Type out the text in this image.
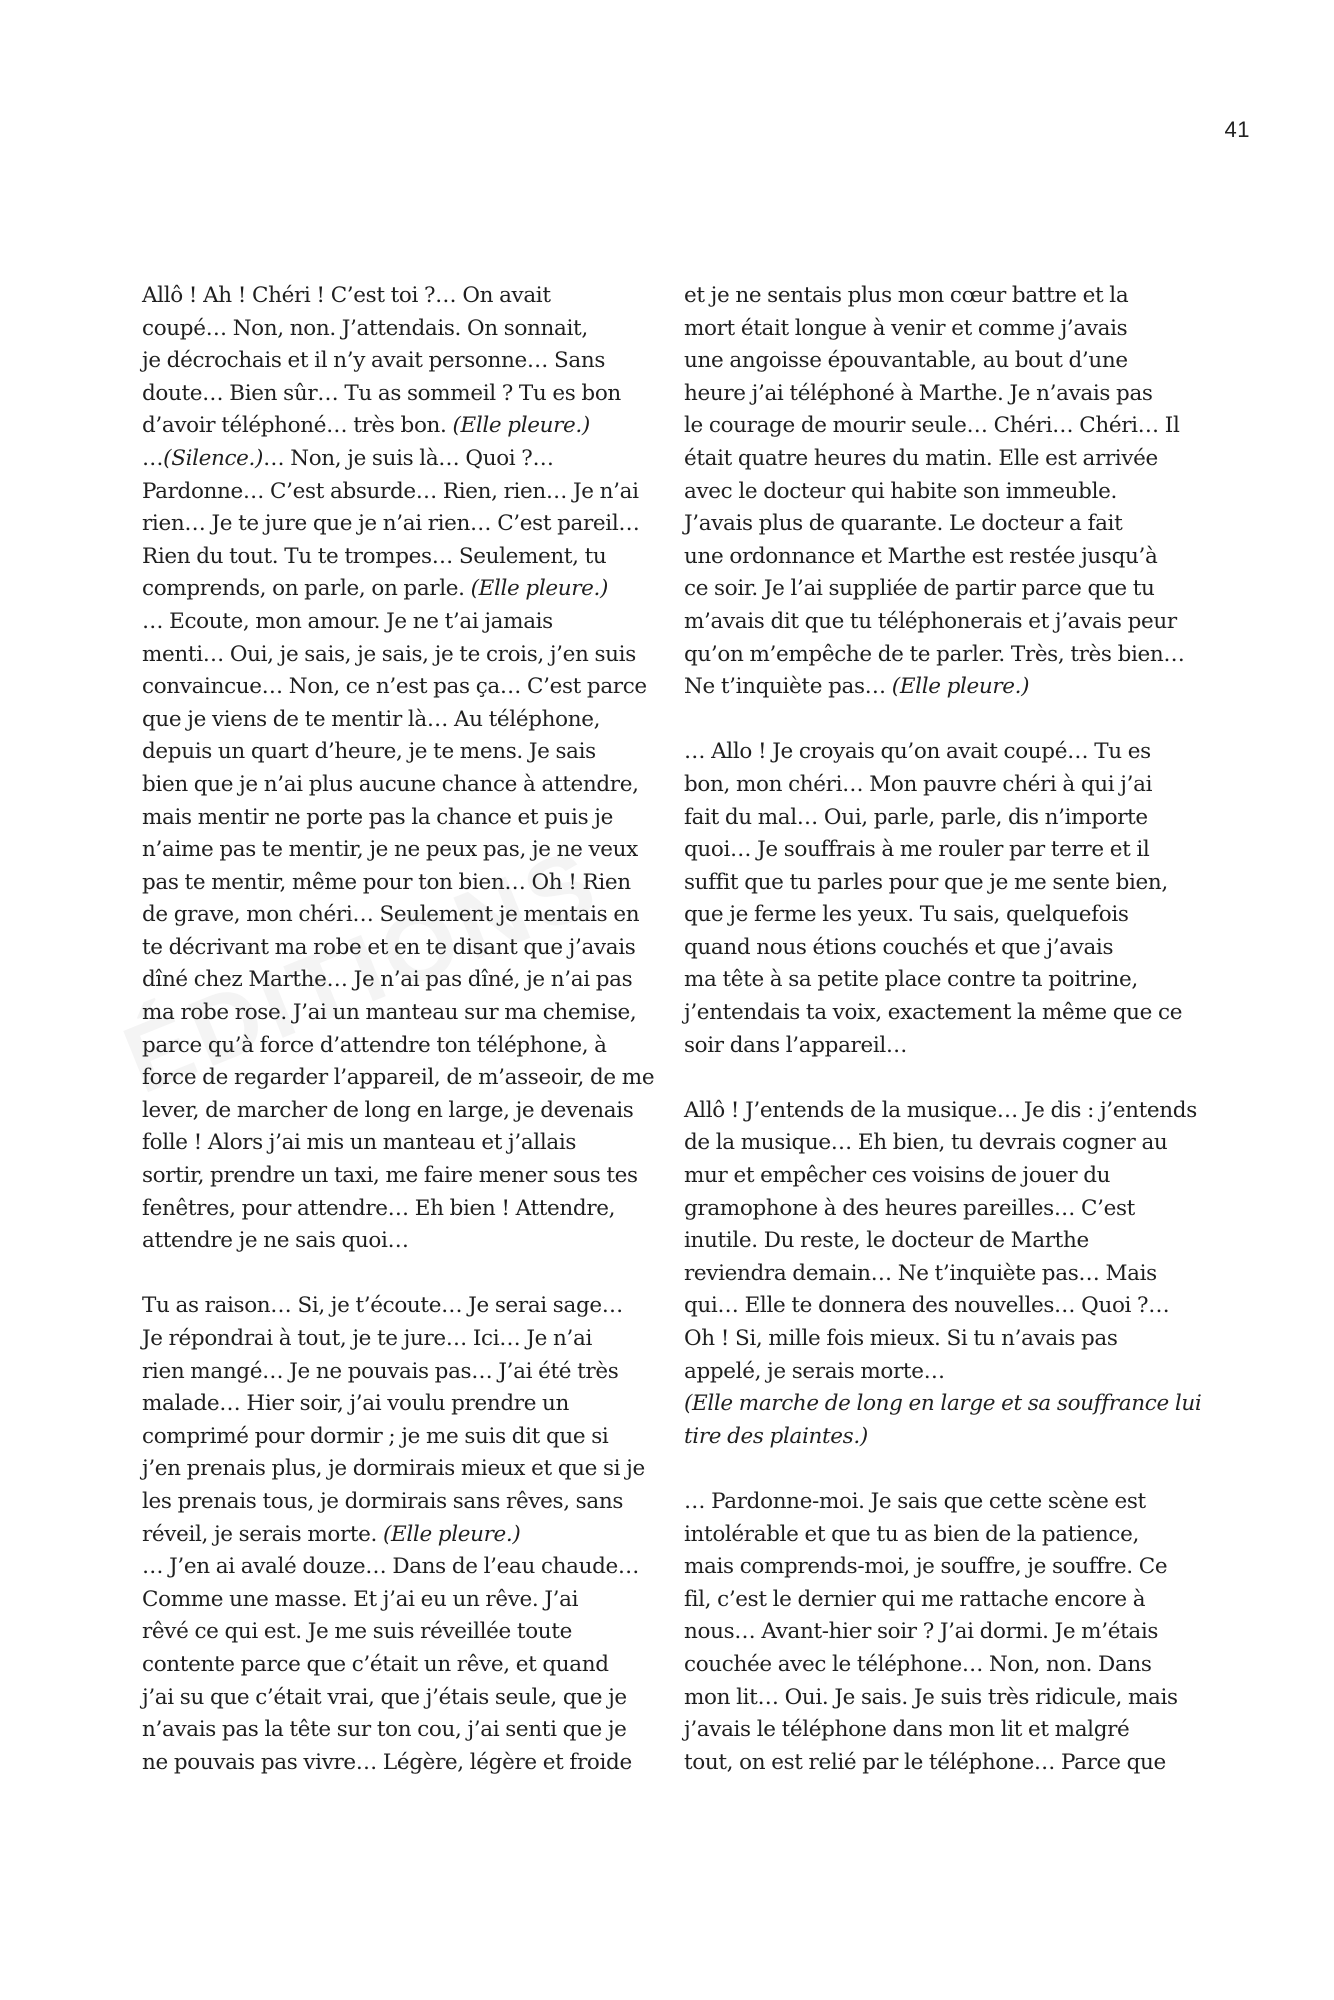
41
Allô ! Ah ! Chéri ! C’est toi ?… On avait
coupé… Non, non. J’attendais. On sonnait,
je décrochais et il n’y avait personne… Sans
doute… Bien sûr… Tu as sommeil ? Tu es bon
d’avoir téléphoné… très bon. (Elle pleure.)
…(Silence.)… Non, je suis là… Quoi ?…
Pardonne… C’est absurde… Rien, rien… Je n’ai
rien… Je te jure que je n’ai rien… C’est pareil…
Rien du tout. Tu te trompes… Seulement, tu
comprends, on parle, on parle. (Elle pleure.)
… Ecoute, mon amour. Je ne t’ai jamais
menti… Oui, je sais, je sais, je te crois, j’en suis
convaincue… Non, ce n’est pas ça… C’est parce
que je viens de te mentir là… Au téléphone,
depuis un quart d’heure, je te mens. Je sais
bien que je n’ai plus aucune chance à attendre,
mais mentir ne porte pas la chance et puis je
n’aime pas te mentir, je ne peux pas, je ne veux
pas te mentir, même pour ton bien… Oh ! Rien
de grave, mon chéri… Seulement je mentais en
te décrivant ma robe et en te disant que j’avais
dîné chez Marthe… Je n’ai pas dîné, je n’ai pas
ma robe rose. J’ai un manteau sur ma chemise,
parce qu’à force d’attendre ton téléphone, à
force de regarder l’appareil, de m’asseoir, de me
lever, de marcher de long en large, je devenais
folle ! Alors j’ai mis un manteau et j’allais
sortir, prendre un taxi, me faire mener sous tes
fenêtres, pour attendre… Eh bien ! Attendre,
attendre je ne sais quoi…
Tu as raison… Si, je t’écoute… Je serai sage…
Je répondrai à tout, je te jure… Ici… Je n’ai
rien mangé… Je ne pouvais pas… J’ai été très
malade… Hier soir, j’ai voulu prendre un
comprimé pour dormir ; je me suis dit que si
j’en prenais plus, je dormirais mieux et que si je
les prenais tous, je dormirais sans rêves, sans
réveil, je serais morte. (Elle pleure.)
… J’en ai avalé douze… Dans de l’eau chaude…
Comme une masse. Et j’ai eu un rêve. J’ai
rêvé ce qui est. Je me suis réveillée toute
contente parce que c’était un rêve, et quand
j’ai su que c’était vrai, que j’étais seule, que je
n’avais pas la tête sur ton cou, j’ai senti que je
ne pouvais pas vivre… Légère, légère et froide
et je ne sentais plus mon cœur battre et la
mort était longue à venir et comme j’avais
une angoisse épouvantable, au bout d’une
heure j’ai téléphoné à Marthe. Je n’avais pas
le courage de mourir seule… Chéri… Chéri… Il
était quatre heures du matin. Elle est arrivée
avec le docteur qui habite son immeuble.
J’avais plus de quarante. Le docteur a fait
une ordonnance et Marthe est restée jusqu’à
ce soir. Je l’ai suppliée de partir parce que tu
m’avais dit que tu téléphonerais et j’avais peur
qu’on m’empêche de te parler. Très, très bien…
Ne t’inquiète pas… (Elle pleure.)
… Allo ! Je croyais qu’on avait coupé… Tu es
bon, mon chéri… Mon pauvre chéri à qui j’ai
fait du mal… Oui, parle, parle, dis n’importe
quoi… Je souffrais à me rouler par terre et il
suffit que tu parles pour que je me sente bien,
que je ferme les yeux. Tu sais, quelquefois
quand nous étions couchés et que j’avais
ma tête à sa petite place contre ta poitrine,
j’entendais ta voix, exactement la même que ce
soir dans l’appareil…
Allô ! J’entends de la musique… Je dis : j’entends
de la musique… Eh bien, tu devrais cogner au
mur et empêcher ces voisins de jouer du
gramophone à des heures pareilles… C’est
inutile. Du reste, le docteur de Marthe
reviendra demain… Ne t’inquiète pas… Mais
qui… Elle te donnera des nouvelles… Quoi ?…
Oh ! Si, mille fois mieux. Si tu n’avais pas
appelé, je serais morte…
(Elle marche de long en large et sa souffrance lui
tire des plaintes.)
… Pardonne-moi. Je sais que cette scène est
intolérable et que tu as bien de la patience,
mais comprends-moi, je souffre, je souffre. Ce
fil, c’est le dernier qui me rattache encore à
nous… Avant-hier soir ? J’ai dormi. Je m’étais
couchée avec le téléphone… Non, non. Dans
mon lit… Oui. Je sais. Je suis très ridicule, mais
j’avais le téléphone dans mon lit et malgré
tout, on est relié par le téléphone… Parce que
